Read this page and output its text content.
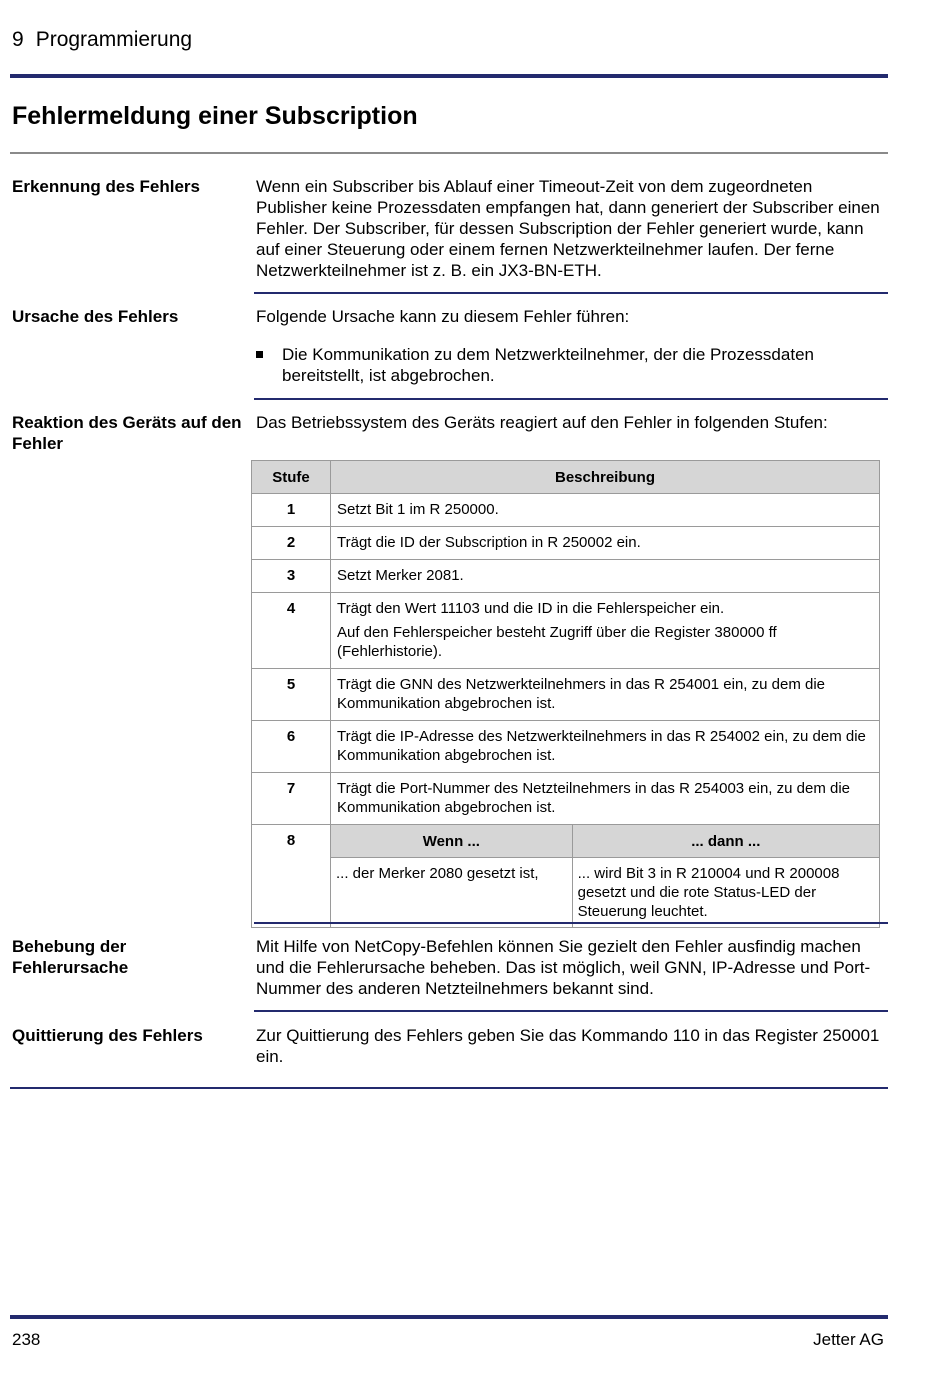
9 Programmierung
Fehlermeldung einer Subscription
Erkennung des Fehlers	Wenn ein Subscriber bis Ablauf einer Timeout-Zeit von dem zugeordneten Publisher keine Prozessdaten empfangen hat, dann generiert der Subscriber einen Fehler. Der Subscriber, für dessen Subscription der Fehler generiert wurde, kann auf einer Steuerung oder einem fernen Netzwerkteilnehmer laufen. Der ferne Netzwerkteilnehmer ist z. B. ein JX3-BN-ETH.
Ursache des Fehlers	Folgende Ursache kann zu diesem Fehler führen:
Die Kommunikation zu dem Netzwerkteilnehmer, der die Prozessdaten bereitstellt, ist abgebrochen.
Reaktion des Geräts auf den Fehler
Das Betriebssystem des Geräts reagiert auf den Fehler in folgenden Stufen:
Stufe	Beschreibung
1	Setzt Bit 1 im R 250000.

2	Trägt die ID der Subscription in R 250002 ein.

3	Setzt Merker 2081.

4	Trägt den Wert 11103 und die ID in die Fehlerspeicher ein.

Auf den Fehlerspeicher besteht Zugriff über die Register 380000 ff (Fehlerhistorie).

5	Trägt die GNN des Netzwerkteilnehmers in das R 254001 ein, zu dem die Kommunikation abgebrochen ist.

6	Trägt die IP-Adresse des Netzwerkteilnehmers in das R 254002 ein, zu dem die Kommunikation abgebrochen ist.

7	Trägt die Port-Nummer des Netzteilnehmers in das R 254003 ein, zu dem die Kommunikation abgebrochen ist.

8		Wenn ...	... dann ...
... der Merker 2080 gesetzt ist,	... wird Bit 3 in R 210004 und R 200008 gesetzt und die rote Status-LED der Steuerung leuchtet.
Behebung der Fehlerursache
Mit Hilfe von NetCopy-Befehlen können Sie gezielt den Fehler ausfindig machen und die Fehlerursache beheben. Das ist möglich, weil GNN, IP-Adresse und Port-Nummer des anderen Netzteilnehmers bekannt sind.
Quittierung des Fehlers	Zur Quittierung des Fehlers geben Sie das Kommando 110 in das Register 250001 ein.
238	Jetter AG
